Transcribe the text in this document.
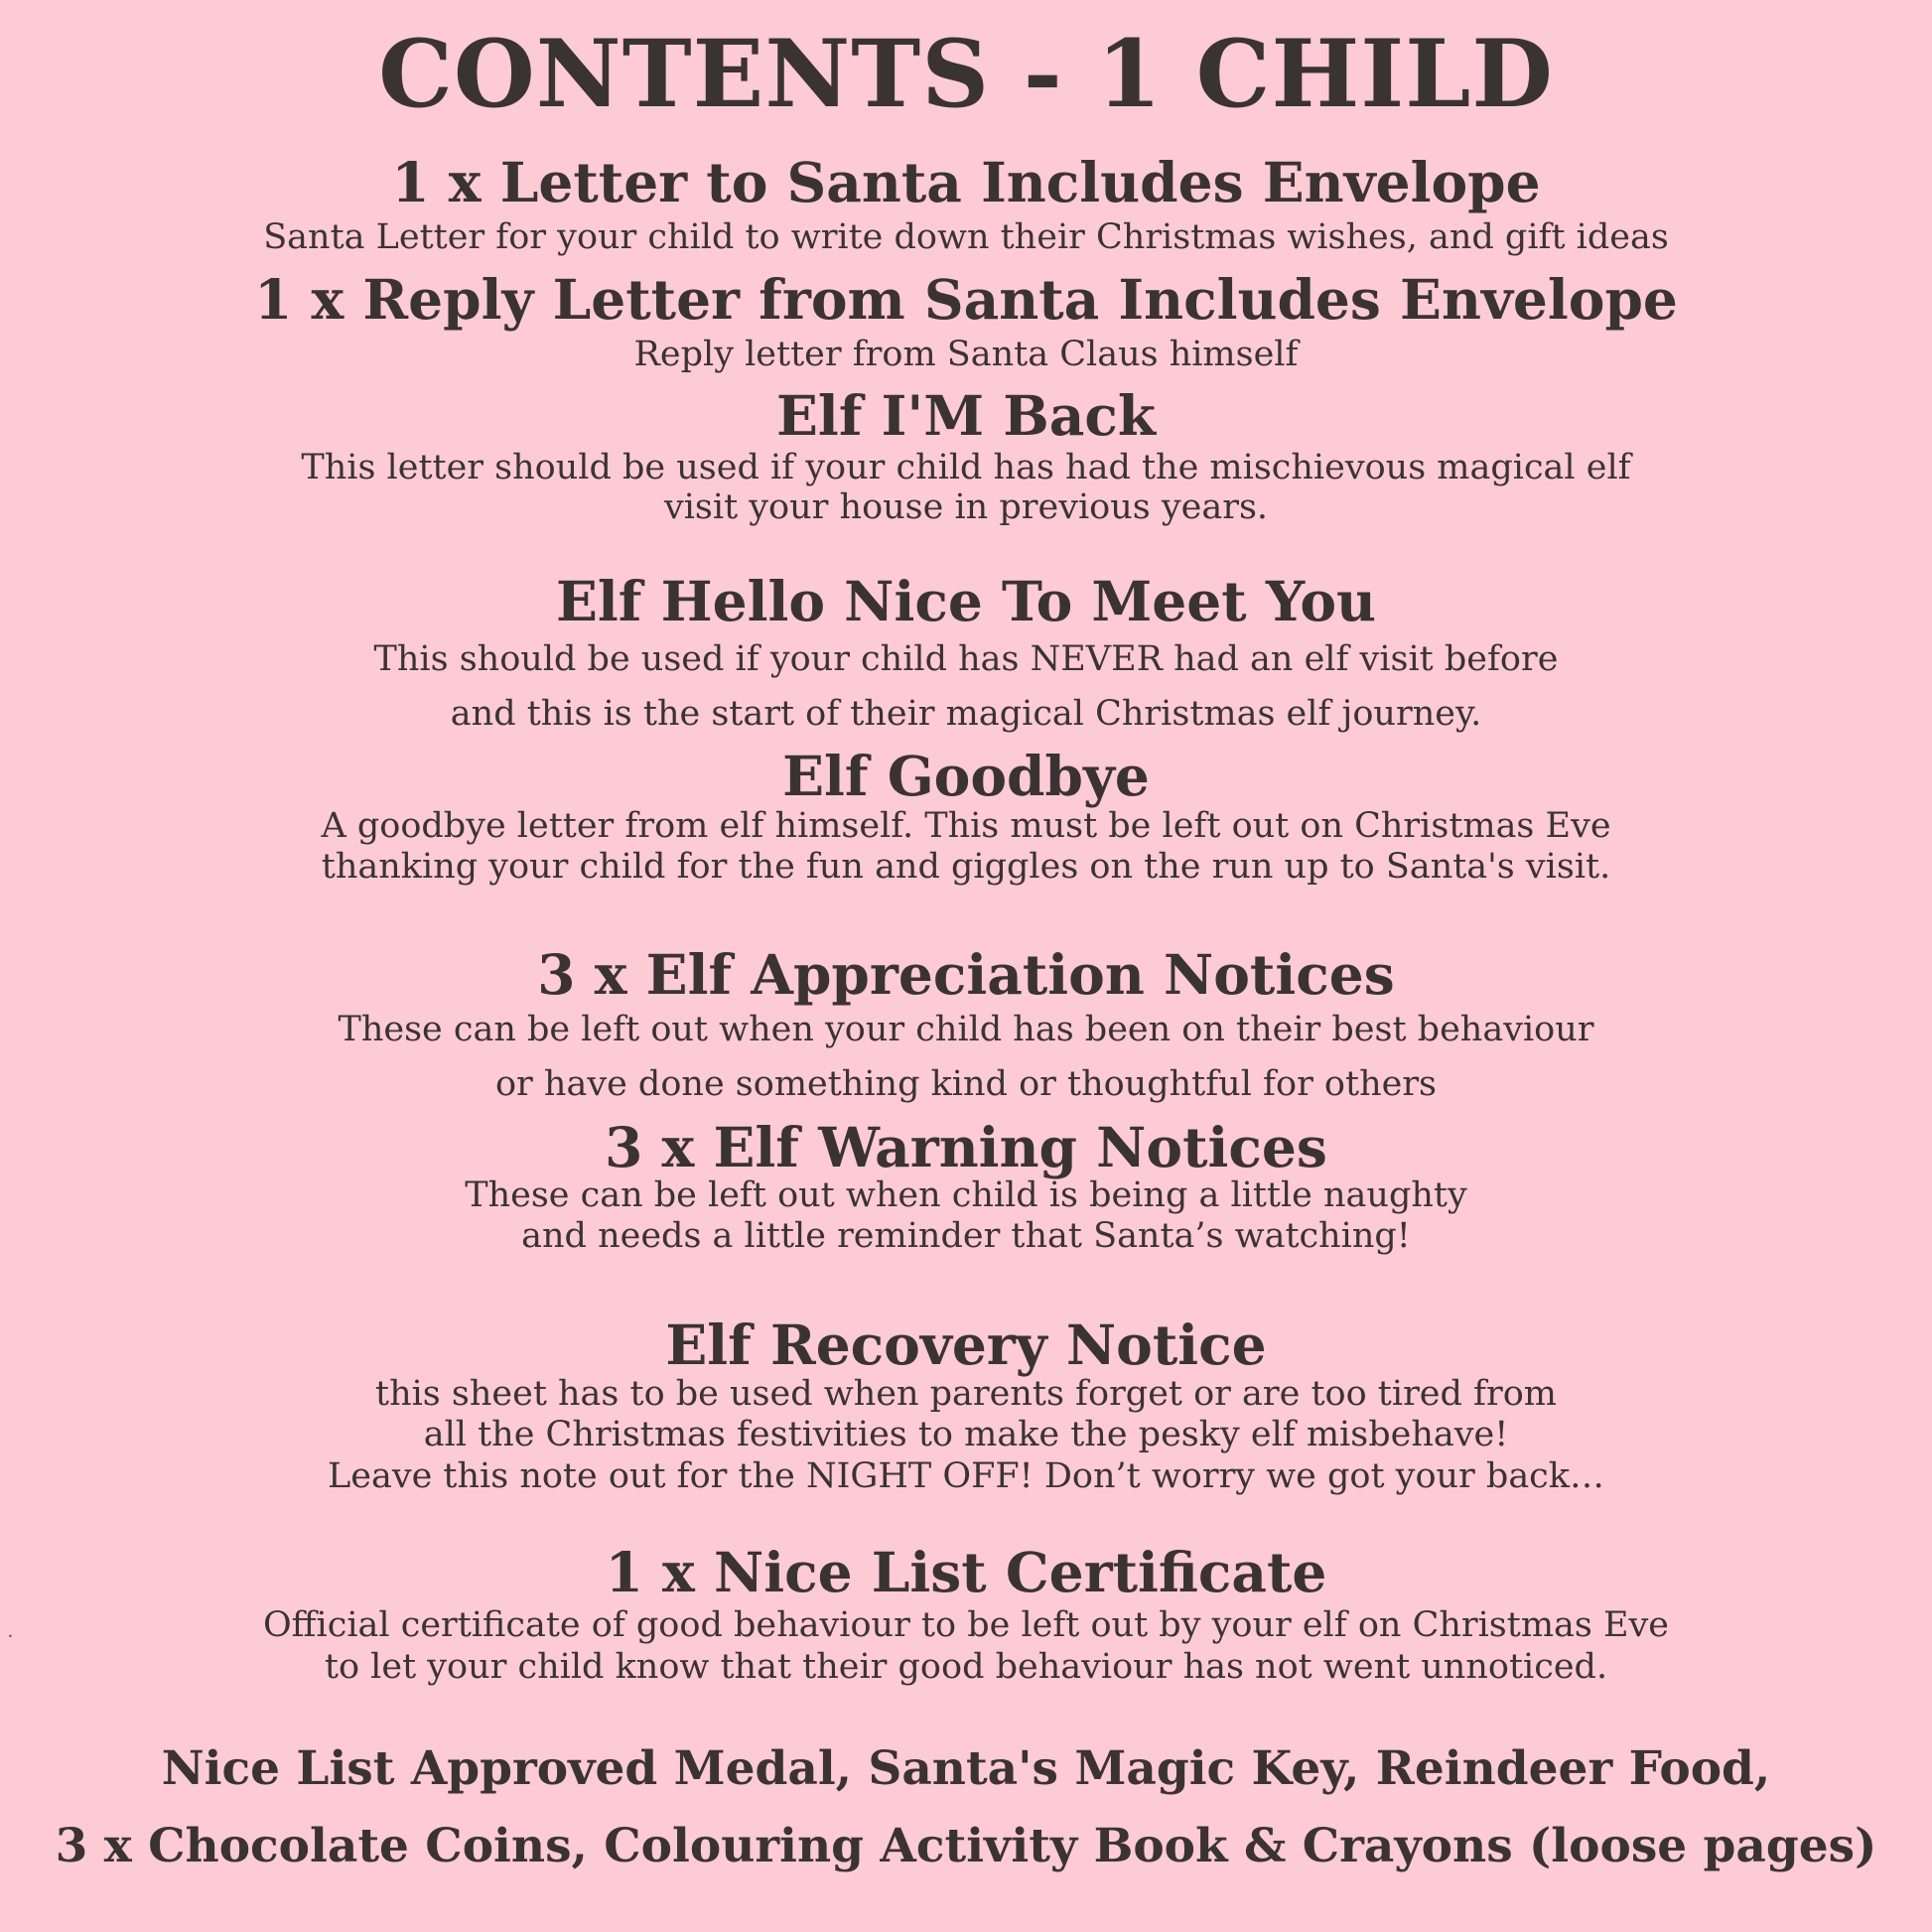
CONTENTS - 1 CHILD
1 x Letter to Santa Includes Envelope
Santa Letter for your child to write down their Christmas wishes, and gift ideas
1 x Reply Letter from Santa Includes Envelope
Reply letter from Santa Claus himself
Elf I'M Back
This letter should be used if your child has had the mischievous magical elf
visit your house in previous years.
Elf Hello Nice To Meet You
This should be used if your child has NEVER had an elf visit before
and this is the start of their magical Christmas elf journey.
Elf Goodbye
A goodbye letter from elf himself. This must be left out on Christmas Eve
thanking your child for the fun and giggles on the run up to Santa's visit.
3 x Elf Appreciation Notices
These can be left out when your child has been on their best behaviour
or have done something kind or thoughtful for others
3 x Elf Warning Notices
These can be left out when child is being a little naughty
and needs a little reminder that Santa’s watching!
Elf Recovery Notice
this sheet has to be used when parents forget or are too tired from
all the Christmas festivities to make the pesky elf misbehave!
Leave this note out for the NIGHT OFF! Don’t worry we got your back…
1 x Nice List Certificate
Official certificate of good behaviour to be left out by your elf on Christmas Eve
to let your child know that their good behaviour has not went unnoticed.
Nice List Approved Medal, Santa's Magic Key, Reindeer Food,
3 x Chocolate Coins, Colouring Activity Book & Crayons (loose pages)
•
